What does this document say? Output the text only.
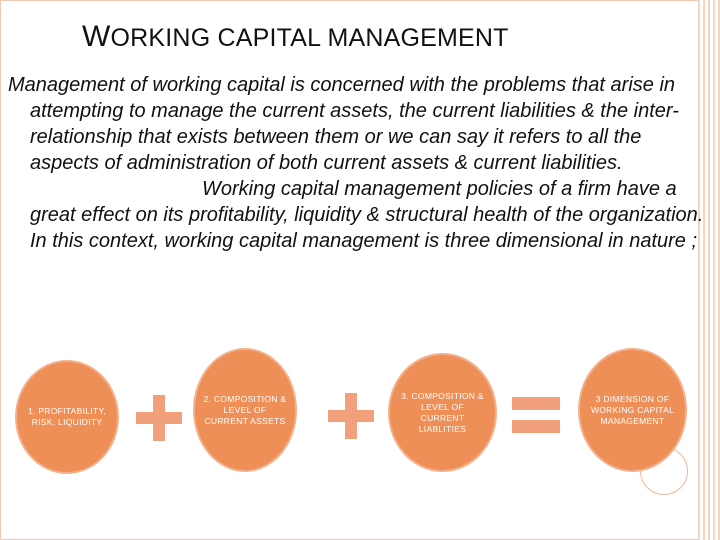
WORKING CAPITAL MANAGEMENT

Management of working capital is concerned with the problems that arise in attempting to manage the current assets, the current liabilities & the inter-relationship that exists between them or we can say it refers to all the aspects of administration of both current assets & current liabilities.

Working capital management policies of a firm have a great effect on its profitability, liquidity & structural health of the organization. In this context, working capital management is three dimensional in nature ;

1. PROFITABILITY, RISK, LIQUIDITY
2. COMPOSITION & LEVEL OF CURRENT ASSETS
3. COMPOSITION & LEVEL OF CURRENT LIABLITIES
3 DIMENSION OF WORKING CAPITAL MANAGEMENT
